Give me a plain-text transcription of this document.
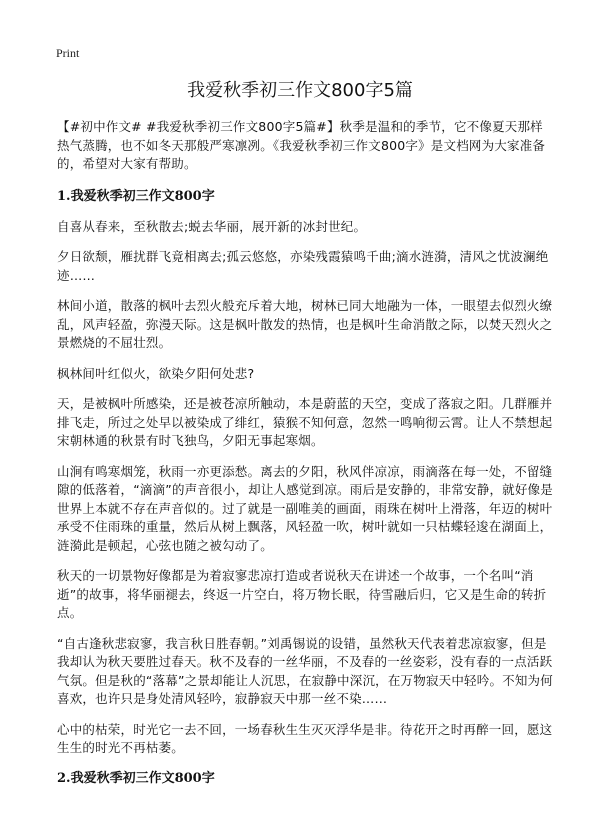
Print
我爱秋季初三作文800字5篇

【#初中作文# #我爱秋季初三作文800字5篇#】秋季是温和的季节，它不像夏天那样热气蒸腾，也不如冬天那般严寒凛冽。《我爱秋季初三作文800字》是文档网为大家准备的，希望对大家有帮助。

1.我爱秋季初三作文800字

自喜从春来，至秋散去;蜕去华丽，展开新的冰封世纪。

夕日欲颓，雁扰群飞竟相离去;孤云悠悠，亦染残霞猿鸣千曲;滴水涟漪，清风之忧波澜绝迹……

林间小道，散落的枫叶去烈火般充斥着大地，树林已同大地融为一体，一眼望去似烈火缭乱，风声轻盈，弥漫天际。这是枫叶散发的热情，也是枫叶生命消散之际，以焚天烈火之景燃烧的不屈壮烈。

枫林间叶红似火，欲染夕阳何处悲?

天，是被枫叶所感染，还是被苍凉所触动，本是蔚蓝的天空，变成了落寂之阳。几群雁并排飞走，所过之处早以被染成了绯红，猿猴不知何意，忽然一鸣响彻云霄。让人不禁想起宋朝林通的秋景有时飞独鸟，夕阳无事起寒烟。

山涧有鸣寒烟笼，秋雨一亦更添愁。离去的夕阳，秋风伴凉凉，雨滴落在每一处，不留缝隙的低落着，“滴滴”的声音很小，却让人感觉到凉。雨后是安静的，非常安静，就好像是世界上本就不存在声音似的。过了就是一副唯美的画面，雨珠在树叶上滑落，年迈的树叶承受不住雨珠的重量，然后从树上飘落，风轻盈一吹，树叶就如一只枯蝶轻逡在湖面上，涟漪此是顿起，心弦也随之被勾动了。

秋天的一切景物好像都是为着寂寥悲凉打造或者说秋天在讲述一个故事，一个名叫“消逝”的故事，将华丽褪去，终返一片空白，将万物长眠，待雪融后归，它又是生命的转折点。

“自古逢秋悲寂寥，我言秋日胜春朝。”刘禹锡说的设错，虽然秋天代表着悲凉寂寥，但是我却认为秋天要胜过春天。秋不及春的一丝华丽，不及春的一丝姿彩，没有春的一点活跃气氛。但是秋的“落幕”之景却能让人沉思，在寂静中深沉，在万物寂天中轻吟。不知为何喜欢，也许只是身处清风轻吟，寂静寂天中那一丝不染……

心中的枯荣，时光它一去不回，一场春秋生生灭灭浮华是非。待花开之时再醉一回，愿这生生的时光不再枯萎。

2.我爱秋季初三作文800字
